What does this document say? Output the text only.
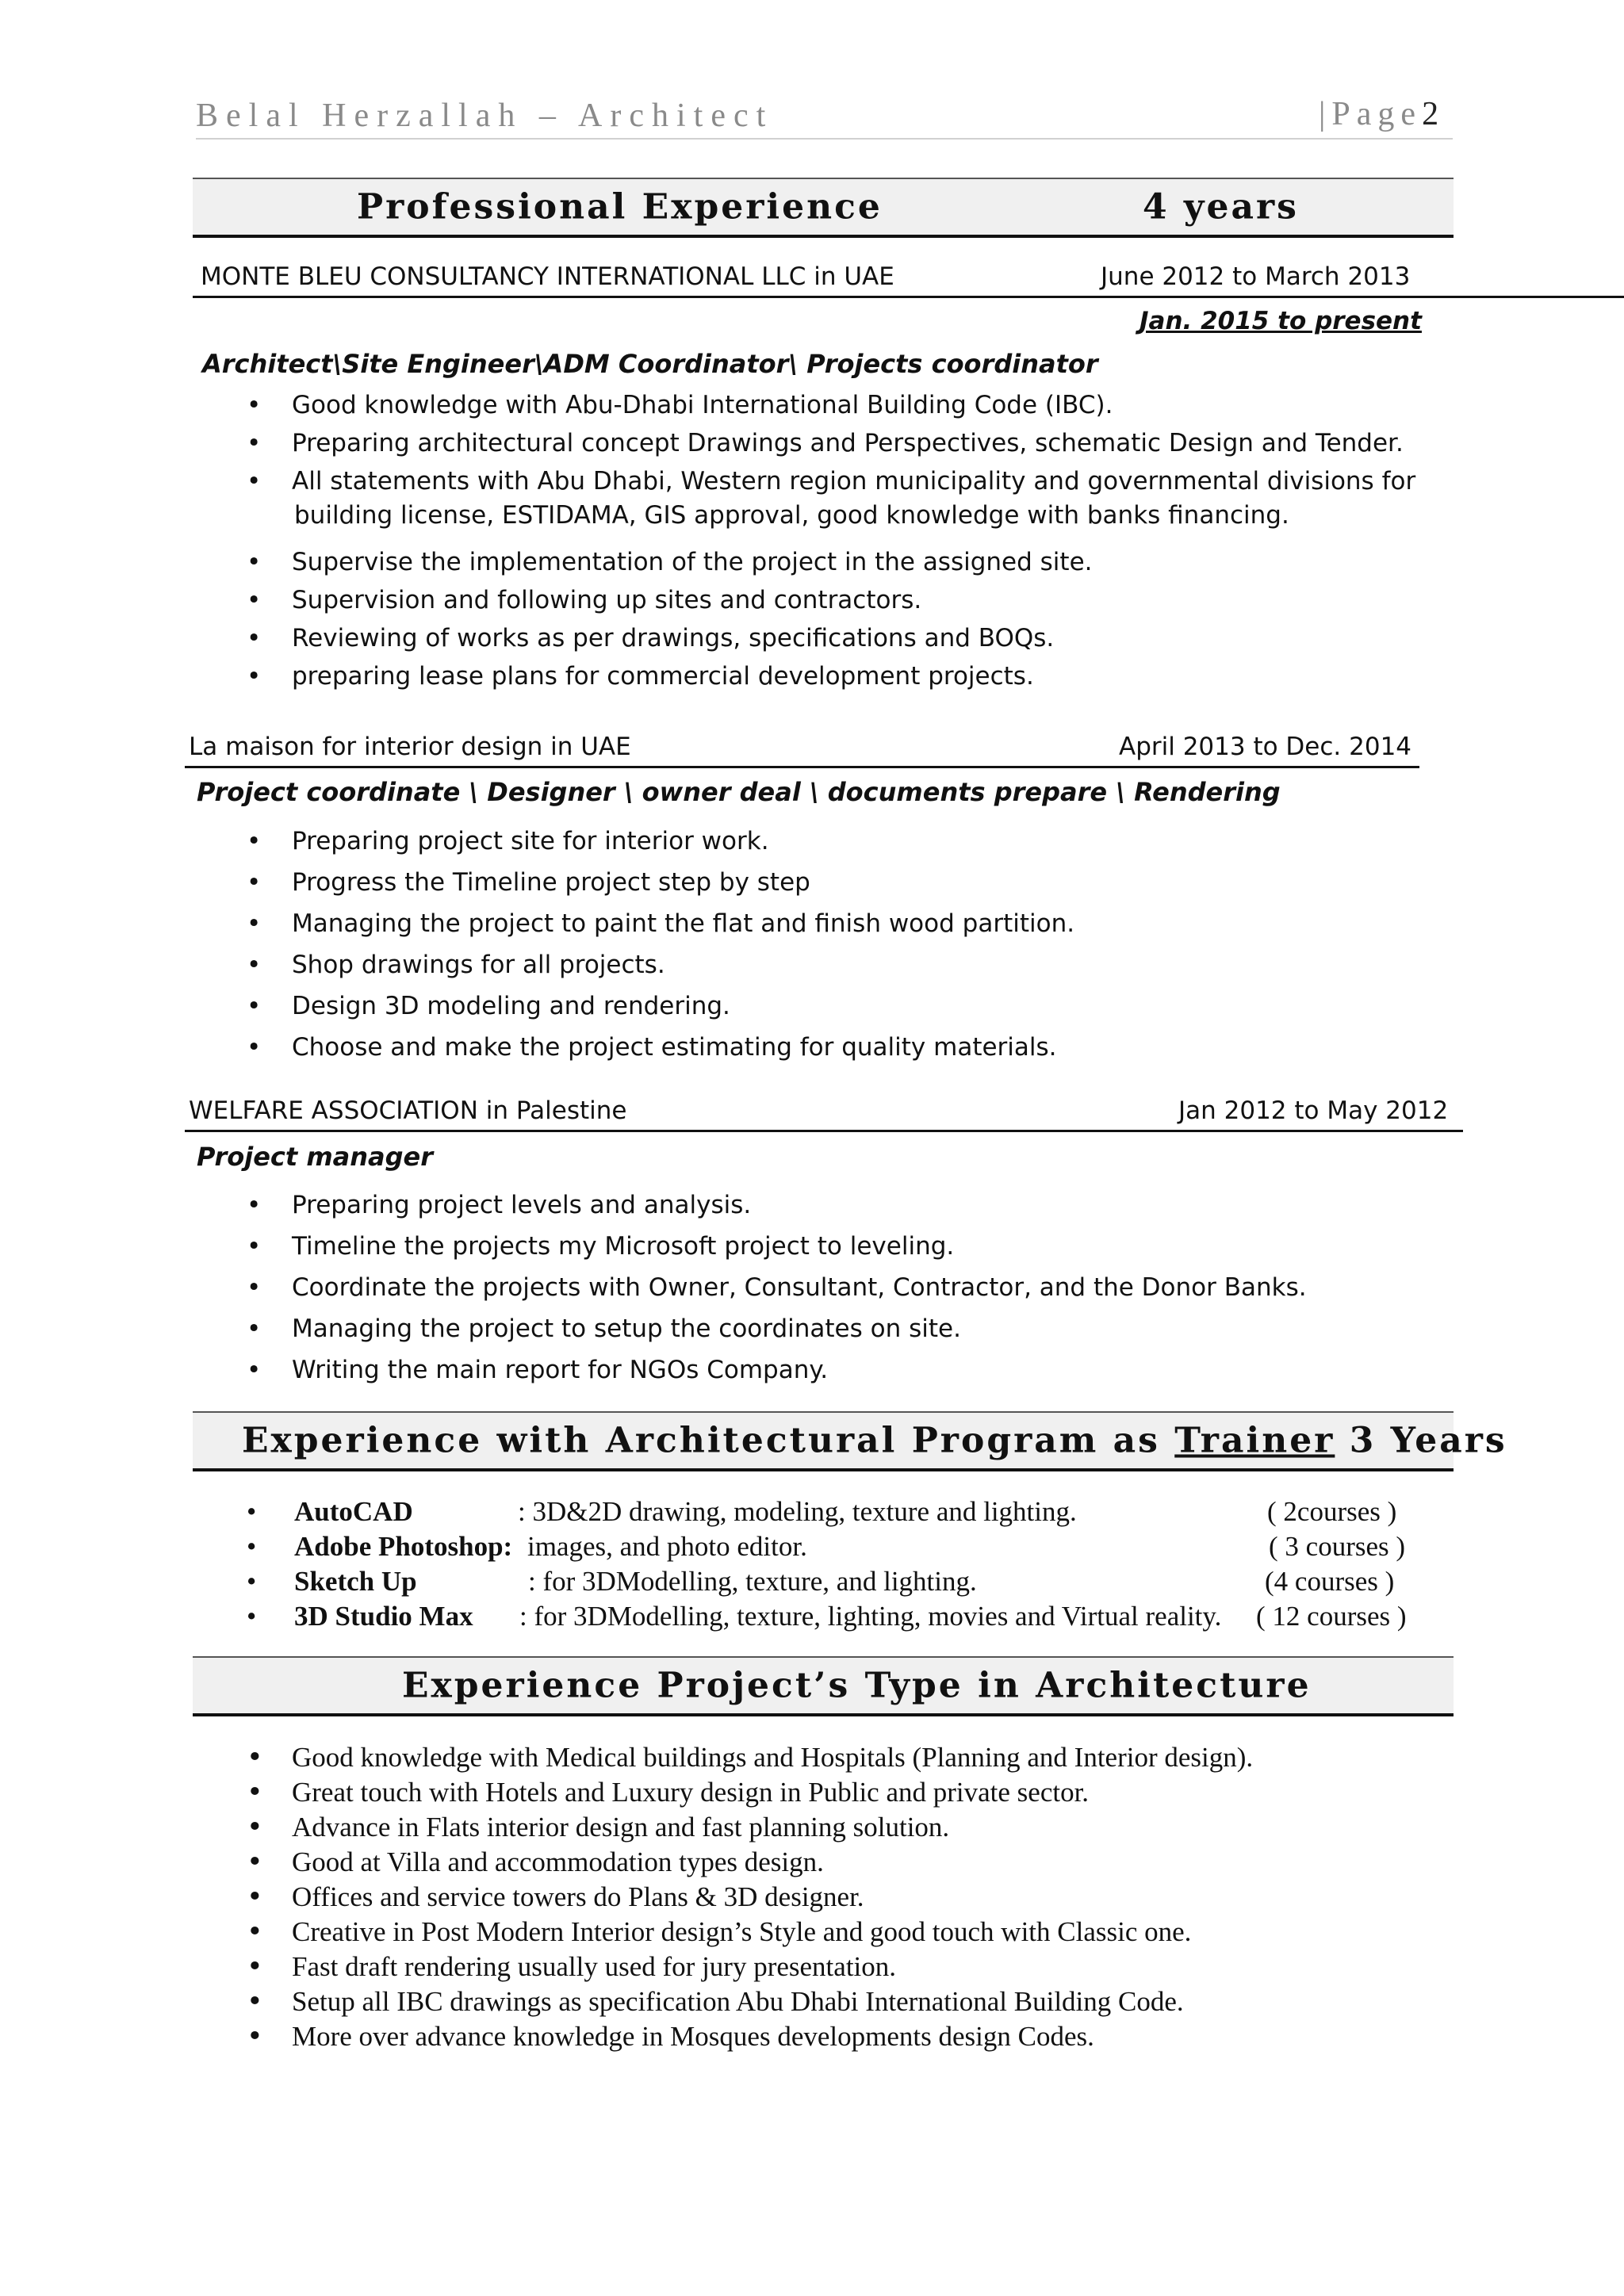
Belal Herzallah – Architect	|Page2
Professional Experience	4 years
MONTE BLEU CONSULTANCY INTERNATIONAL LLC in UAE	June 2012 to March 2013
Jan. 2015 to present
Architect\Site Engineer\ADM Coordinator\ Projects coordinator
• Good knowledge with Abu-Dhabi International Building Code (IBC).
• Preparing architectural concept Drawings and Perspectives, schematic Design and Tender.
• All statements with Abu Dhabi, Western region municipality and governmental divisions for
building license, ESTIDAMA, GIS approval, good knowledge with banks financing.
• Supervise the implementation of the project in the assigned site.
• Supervision and following up sites and contractors.
• Reviewing of works as per drawings, specifications and BOQs.
• preparing lease plans for commercial development projects.
La maison for interior design in UAE	April 2013 to Dec. 2014
Project coordinate \ Designer \ owner deal \ documents prepare \ Rendering
• Preparing project site for interior work.
• Progress the Timeline project step by step
• Managing the project to paint the flat and finish wood partition.
• Shop drawings for all projects.
• Design 3D modeling and rendering.
• Choose and make the project estimating for quality materials.
WELFARE ASSOCIATION in Palestine	Jan 2012 to May 2012
Project manager
• Preparing project levels and analysis.
• Timeline the projects my Microsoft project to leveling.
• Coordinate the projects with Owner, Consultant, Contractor, and the Donor Banks.
• Managing the project to setup the coordinates on site.
• Writing the main report for NGOs Company.
Experience with Architectural Program as Trainer 3 Years
• AutoCAD	: 3D&2D drawing, modeling, texture and lighting.	( 2courses )
• Adobe Photoshop: images, and photo editor.	( 3 courses )
• Sketch Up	: for 3DModelling, texture, and lighting.	(4 courses )
• 3D Studio Max : for 3DModelling, texture, lighting, movies and Virtual reality. ( 12 courses )
Experience Project’s Type in Architecture
• Good knowledge with Medical buildings and Hospitals (Planning and Interior design).
• Great touch with Hotels and Luxury design in Public and private sector.
• Advance in Flats interior design and fast planning solution.
• Good at Villa and accommodation types design.
• Offices and service towers do Plans & 3D designer.
• Creative in Post Modern Interior design’s Style and good touch with Classic one.
• Fast draft rendering usually used for jury presentation.
• Setup all IBC drawings as specification Abu Dhabi International Building Code.
• More over advance knowledge in Mosques developments design Codes.
